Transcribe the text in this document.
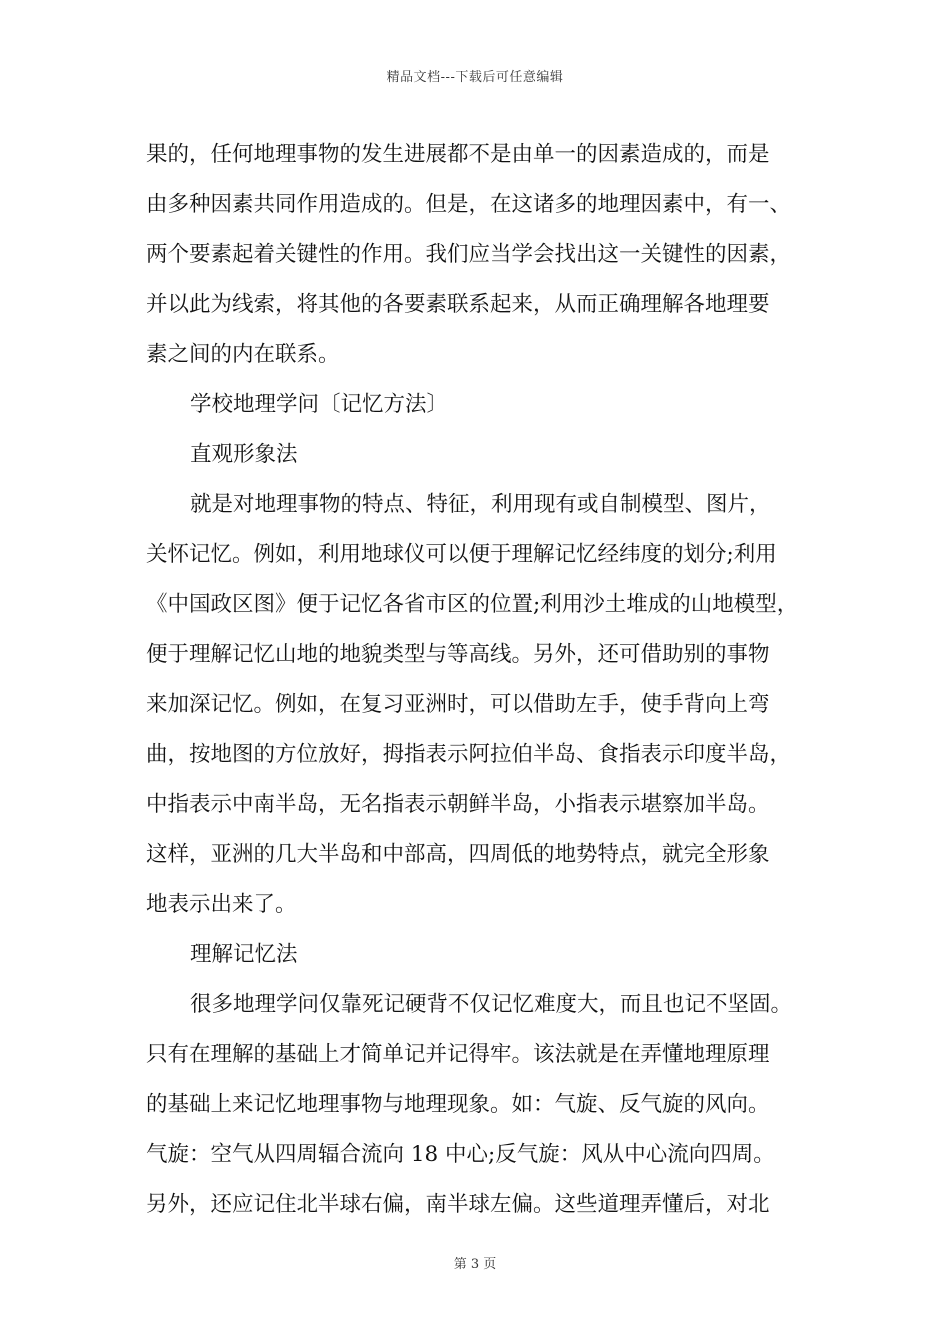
精品文档---下载后可任意编辑
果的，任何地理事物的发生进展都不是由单一的因素造成的，而是
由多种因素共同作用造成的。但是，在这诸多的地理因素中，有一、
两个要素起着关键性的作用。我们应当学会找出这一关键性的因素，
并以此为线索，将其他的各要素联系起来，从而正确理解各地理要
素之间的内在联系。
学校地理学问〔记忆方法〕
直观形象法
就是对地理事物的特点、特征，利用现有或自制模型、图片，
关怀记忆。例如，利用地球仪可以便于理解记忆经纬度的划分;利用
《中国政区图》便于记忆各省市区的位置;利用沙土堆成的山地模型，
便于理解记忆山地的地貌类型与等高线。另外，还可借助别的事物
来加深记忆。例如，在复习亚洲时，可以借助左手，使手背向上弯
曲，按地图的方位放好，拇指表示阿拉伯半岛、食指表示印度半岛，
中指表示中南半岛，无名指表示朝鲜半岛，小指表示堪察加半岛。
这样，亚洲的几大半岛和中部高，四周低的地势特点，就完全形象
地表示出来了。
理解记忆法
很多地理学问仅靠死记硬背不仅记忆难度大，而且也记不坚固。
只有在理解的基础上才简单记并记得牢。该法就是在弄懂地理原理
的基础上来记忆地理事物与地理现象。如：气旋、反气旋的风向。
气旋：空气从四周辐合流向 18 中心;反气旋：风从中心流向四周。
另外，还应记住北半球右偏，南半球左偏。这些道理弄懂后，对北
第 3 页
